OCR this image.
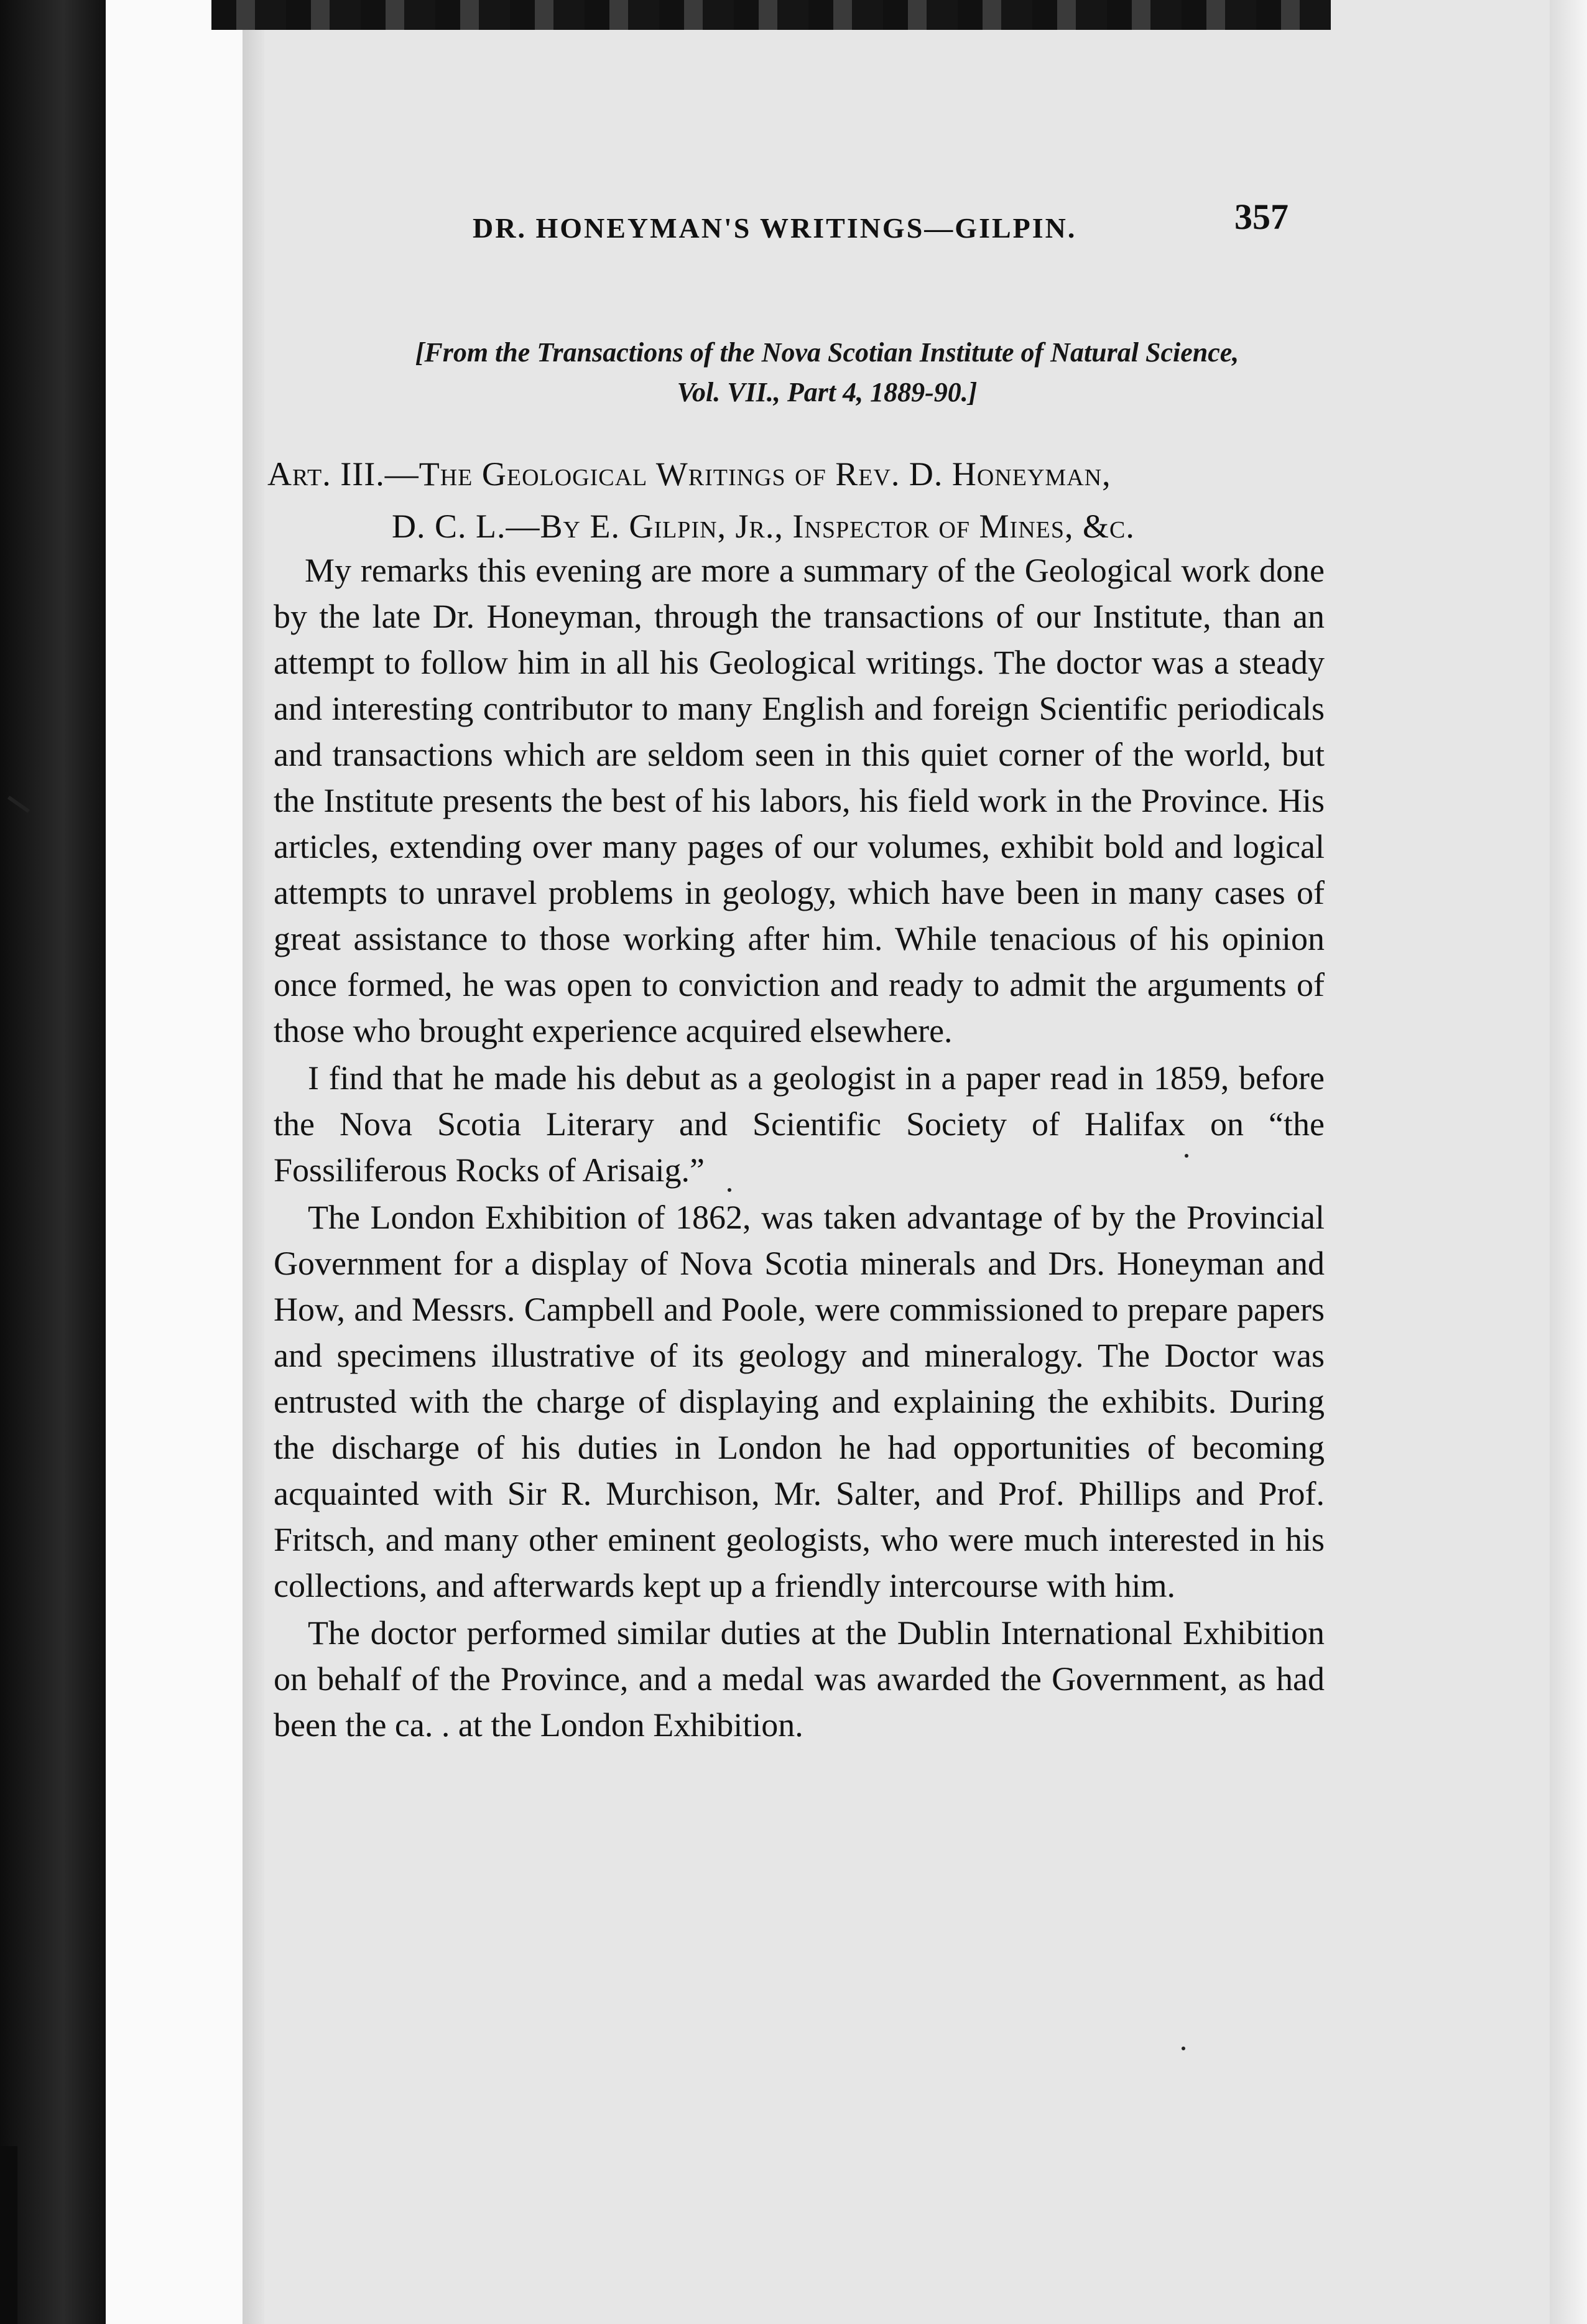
DR. HONEYMAN'S WRITINGS—GILPIN.	357
[From the Transactions of the Nova Scotian Institute of Natural Science,
Vol. VII., Part 4, 1889-90.]
Art. III.—The Geological Writings of Rev. D. Honeyman,
D. C. L.—By E. Gilpin, Jr., Inspector of Mines, &c.

My remarks this evening are more a summary of the Geological work done by the late Dr. Honeyman, through the transactions of our Institute, than an attempt to follow him in all his Geological writings. The doctor was a steady and interesting contributor to many English and foreign Scientific periodicals and transactions which are seldom seen in this quiet corner of the world, but the Institute presents the best of his labors, his field work in the Province. His articles, extending over many pages of our volumes, exhibit bold and logical attempts to unravel problems in geology, which have been in many cases of great assistance to those working after him. While tenacious of his opinion once formed, he was open to conviction and ready to admit the arguments of those who brought experience acquired elsewhere.

I find that he made his debut as a geologist in a paper read in 1859, before the Nova Scotia Literary and Scientific Society of Halifax on “the Fossiliferous Rocks of Arisaig.”

The London Exhibition of 1862, was taken advantage of by the Provincial Government for a display of Nova Scotia minerals and Drs. Honeyman and How, and Messrs. Campbell and Poole, were commissioned to prepare papers and specimens illustrative of its geology and mineralogy. The Doctor was entrusted with the charge of displaying and explaining the exhibits. During the discharge of his duties in London he had opportunities of becoming acquainted with Sir R. Murchison, Mr. Salter, and Prof. Phillips and Prof. Fritsch, and many other eminent geologists, who were much interested in his collections, and afterwards kept up a friendly intercourse with him.

The doctor performed similar duties at the Dublin International Exhibition on behalf of the Province, and a medal was awarded the Government, as had been the ca. . at the London Exhibition.
